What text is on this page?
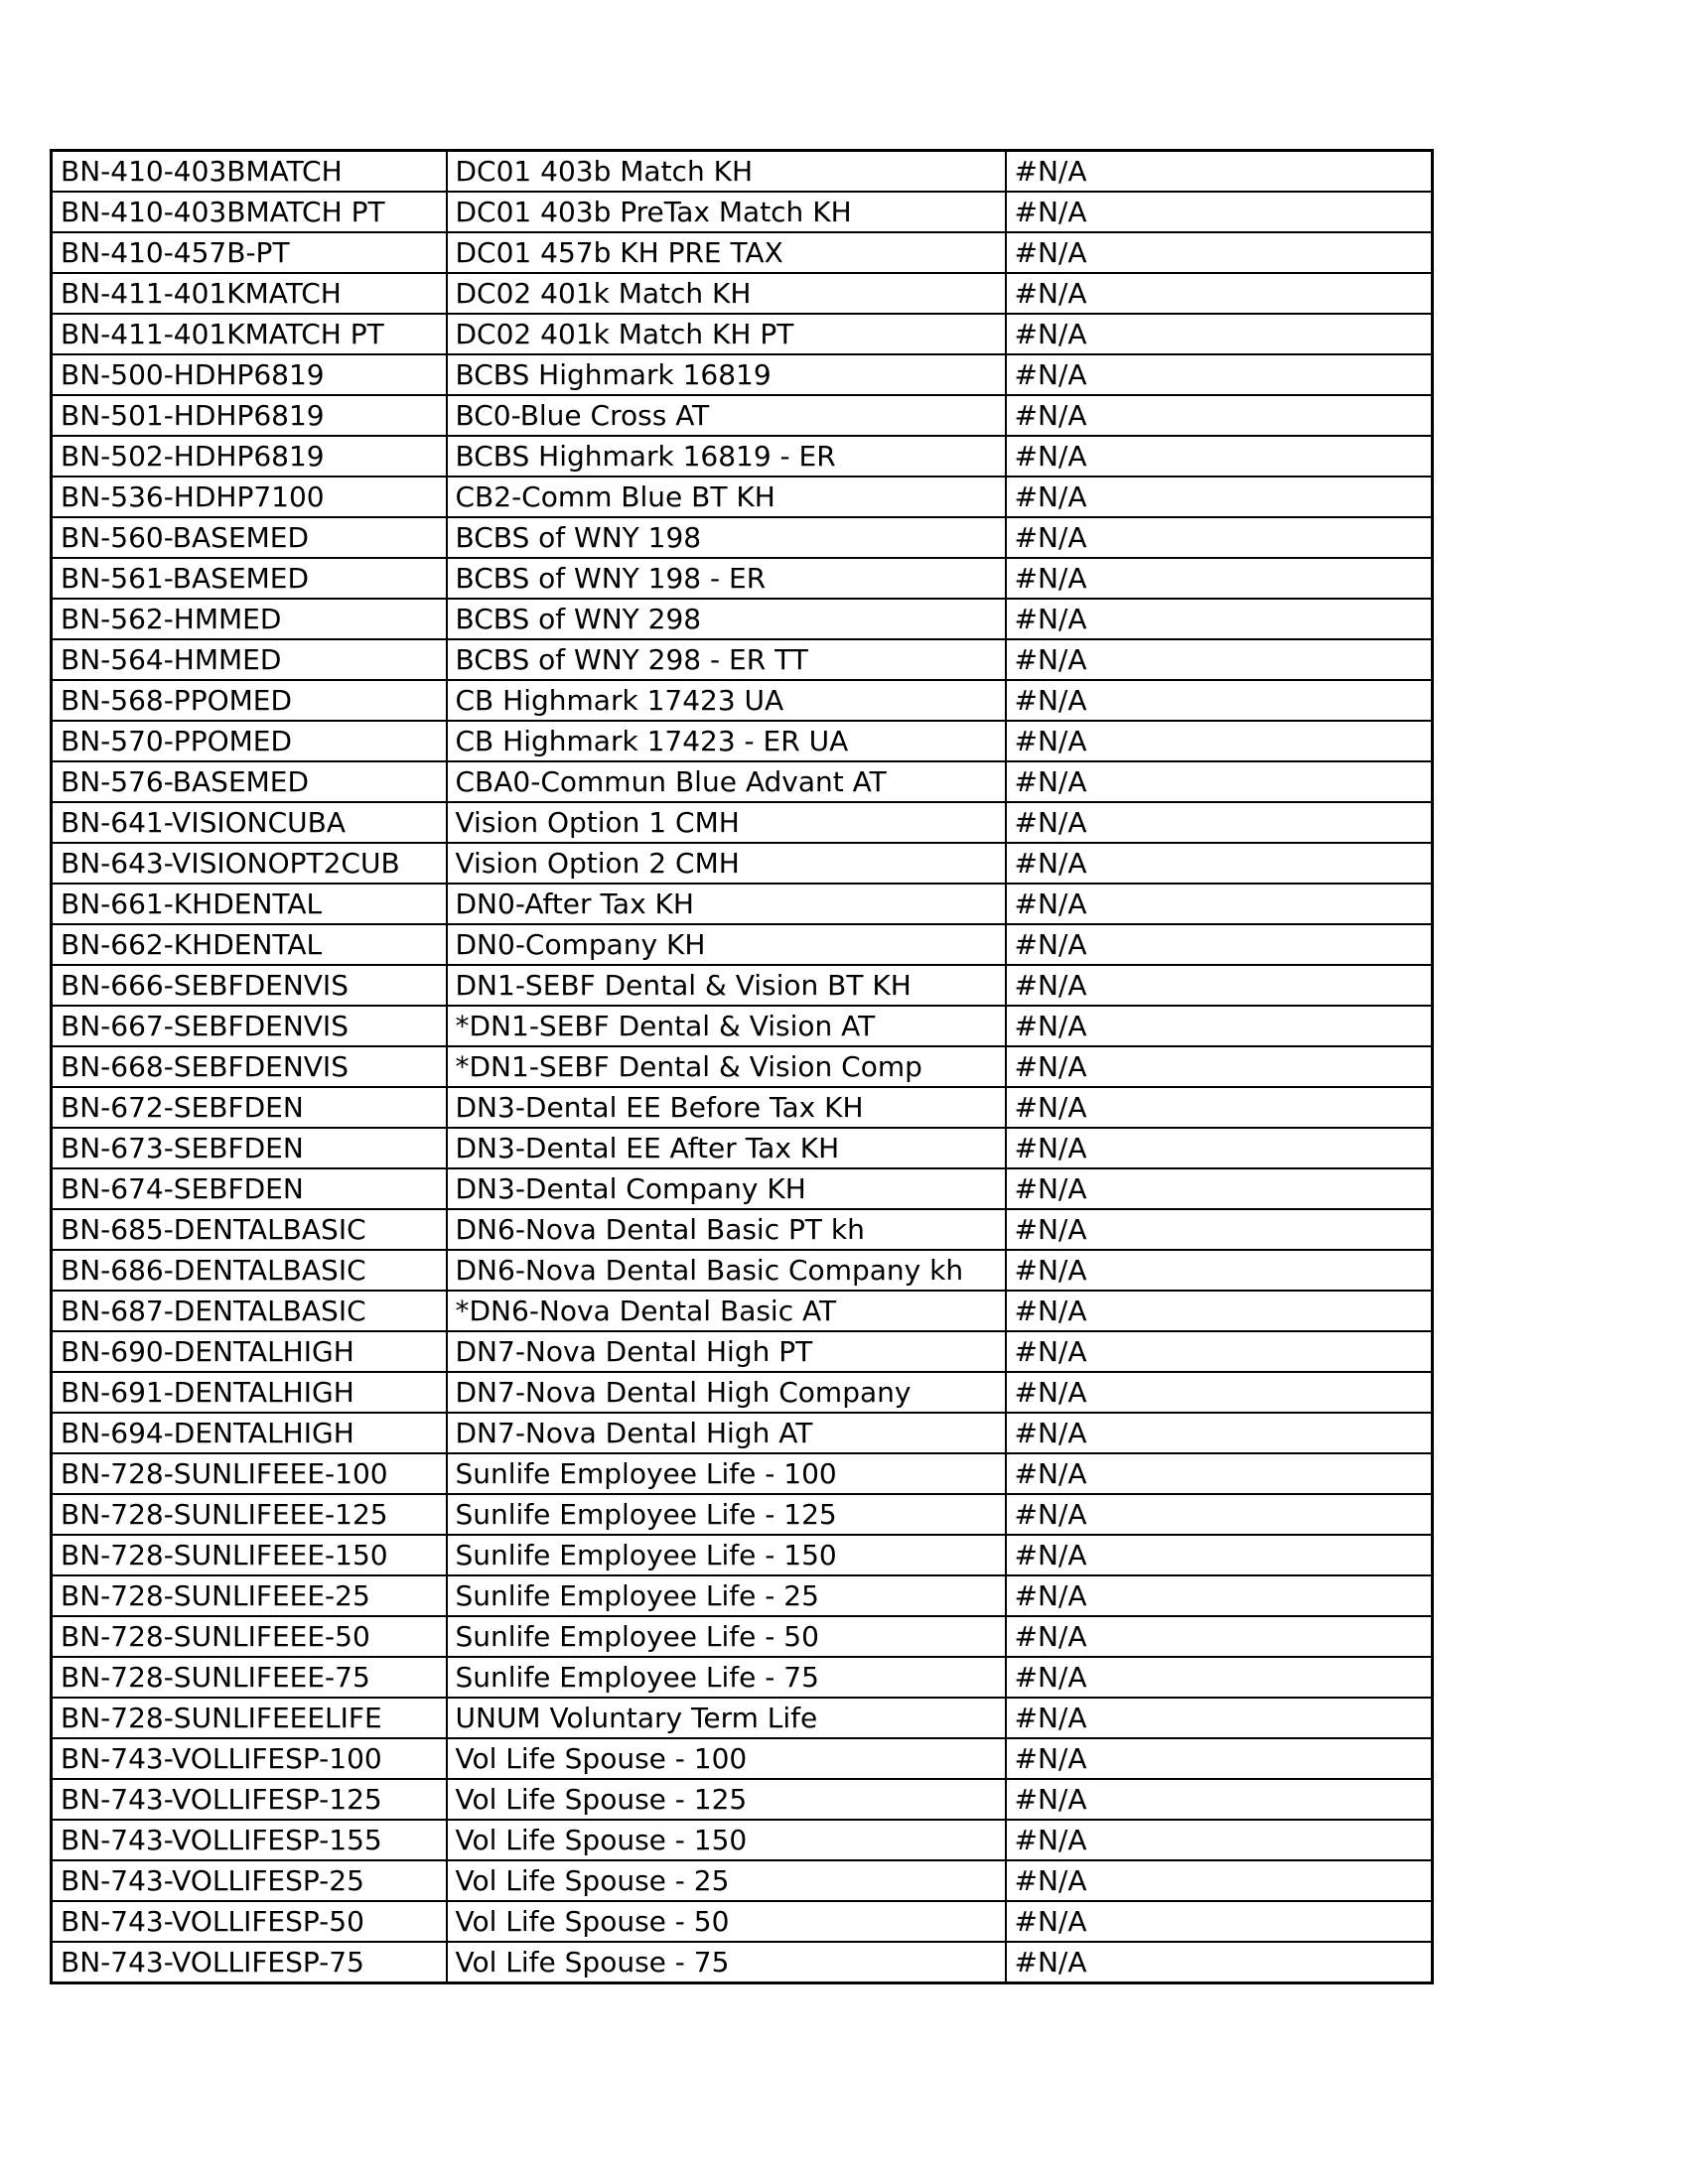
BN-410-403BMATCH	DC01 403b Match KH	#N/A
BN-410-403BMATCH PT	DC01 403b PreTax Match KH	#N/A
BN-410-457B-PT	DC01 457b KH PRE TAX	#N/A
BN-411-401KMATCH	DC02 401k Match KH	#N/A
BN-411-401KMATCH PT	DC02 401k Match KH PT	#N/A
BN-500-HDHP6819	BCBS Highmark 16819	#N/A
BN-501-HDHP6819	BC0-Blue Cross AT	#N/A
BN-502-HDHP6819	BCBS Highmark 16819 - ER	#N/A
BN-536-HDHP7100	CB2-Comm Blue BT KH	#N/A
BN-560-BASEMED	BCBS of WNY 198	#N/A
BN-561-BASEMED	BCBS of WNY 198 - ER	#N/A
BN-562-HMMED	BCBS of WNY 298	#N/A
BN-564-HMMED	BCBS of WNY 298 - ER TT	#N/A
BN-568-PPOMED	CB Highmark 17423 UA	#N/A
BN-570-PPOMED	CB Highmark 17423 - ER UA	#N/A
BN-576-BASEMED	CBA0-Commun Blue Advant AT	#N/A
BN-641-VISIONCUBA	Vision Option 1 CMH	#N/A
BN-643-VISIONOPT2CUB	Vision Option 2 CMH	#N/A
BN-661-KHDENTAL	DN0-After Tax KH	#N/A
BN-662-KHDENTAL	DN0-Company KH	#N/A
BN-666-SEBFDENVIS	DN1-SEBF Dental & Vision BT KH	#N/A
BN-667-SEBFDENVIS	*DN1-SEBF Dental & Vision AT	#N/A
BN-668-SEBFDENVIS	*DN1-SEBF Dental & Vision Comp	#N/A
BN-672-SEBFDEN	DN3-Dental EE Before Tax KH	#N/A
BN-673-SEBFDEN	DN3-Dental EE After Tax KH	#N/A
BN-674-SEBFDEN	DN3-Dental Company KH	#N/A
BN-685-DENTALBASIC	DN6-Nova Dental Basic PT kh	#N/A
BN-686-DENTALBASIC	DN6-Nova Dental Basic Company kh	#N/A
BN-687-DENTALBASIC	*DN6-Nova Dental Basic AT	#N/A
BN-690-DENTALHIGH	DN7-Nova Dental High PT	#N/A
BN-691-DENTALHIGH	DN7-Nova Dental High Company	#N/A
BN-694-DENTALHIGH	DN7-Nova Dental High AT	#N/A
BN-728-SUNLIFEEE-100	Sunlife Employee Life - 100	#N/A
BN-728-SUNLIFEEE-125	Sunlife Employee Life - 125	#N/A
BN-728-SUNLIFEEE-150	Sunlife Employee Life - 150	#N/A
BN-728-SUNLIFEEE-25	Sunlife Employee Life - 25	#N/A
BN-728-SUNLIFEEE-50	Sunlife Employee Life - 50	#N/A
BN-728-SUNLIFEEE-75	Sunlife Employee Life - 75	#N/A
BN-728-SUNLIFEEELIFE	UNUM Voluntary Term Life	#N/A
BN-743-VOLLIFESP-100	Vol Life Spouse - 100	#N/A
BN-743-VOLLIFESP-125	Vol Life Spouse - 125	#N/A
BN-743-VOLLIFESP-155	Vol Life Spouse - 150	#N/A
BN-743-VOLLIFESP-25	Vol Life Spouse - 25	#N/A
BN-743-VOLLIFESP-50	Vol Life Spouse - 50	#N/A
BN-743-VOLLIFESP-75	Vol Life Spouse - 75	#N/A
